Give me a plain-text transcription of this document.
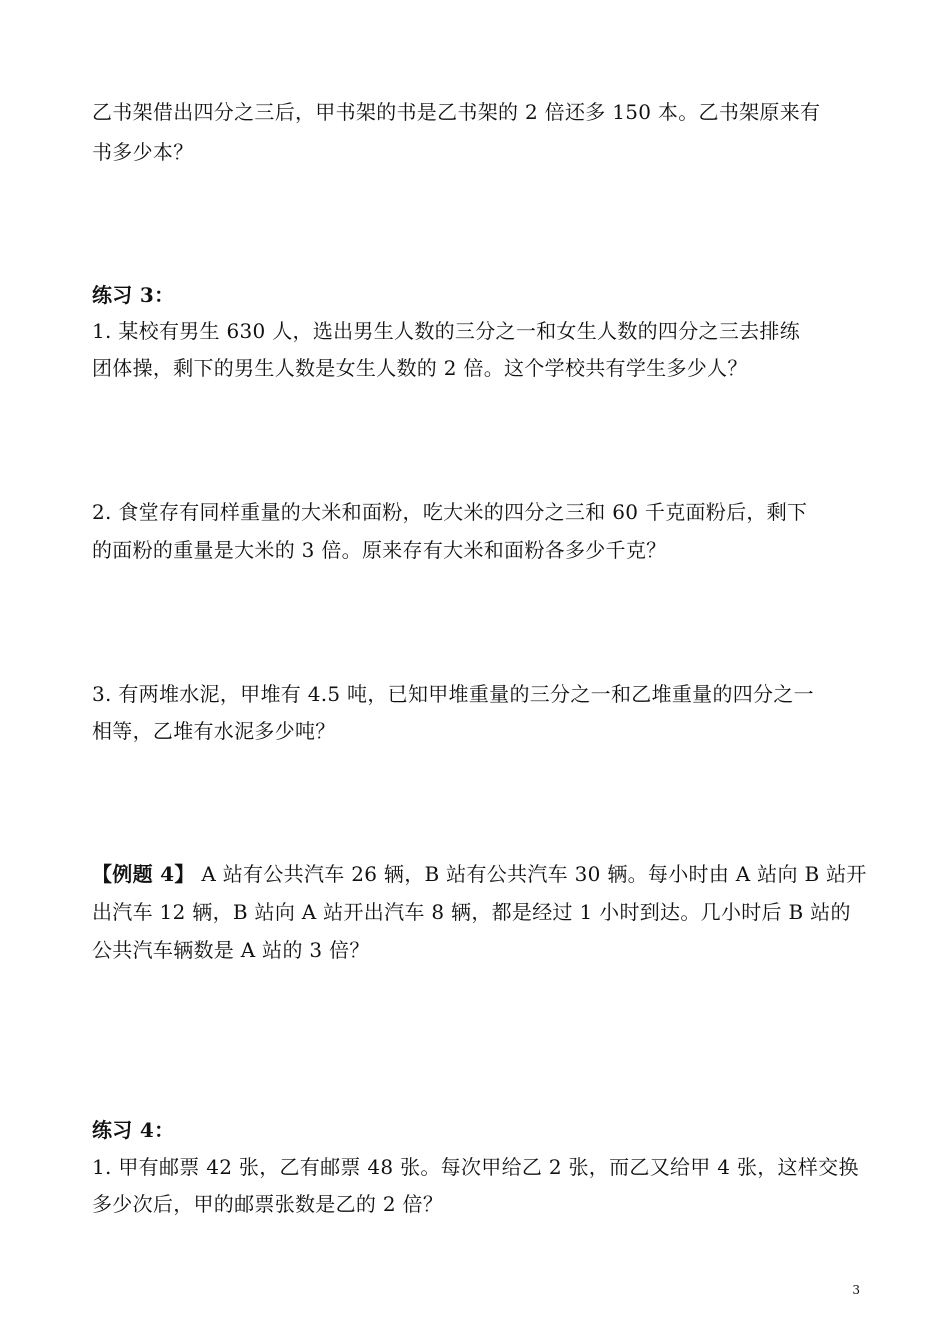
乙书架借出四分之三后，甲书架的书是乙书架的 2 倍还多 150 本。乙书架原来有
书多少本？
练习 3：
1. 某校有男生 630 人，选出男生人数的三分之一和女生人数的四分之三去排练
团体操，剩下的男生人数是女生人数的 2 倍。这个学校共有学生多少人？
2. 食堂存有同样重量的大米和面粉，吃大米的四分之三和 60 千克面粉后，剩下
的面粉的重量是大米的 3 倍。原来存有大米和面粉各多少千克？
3. 有两堆水泥，甲堆有 4.5 吨，已知甲堆重量的三分之一和乙堆重量的四分之一
相等，乙堆有水泥多少吨？
【例题 4】 A 站有公共汽车 26 辆，B 站有公共汽车 30 辆。每小时由 A 站向 B 站开
出汽车 12 辆，B 站向 A 站开出汽车 8 辆，都是经过 1 小时到达。几小时后 B 站的
公共汽车辆数是 A 站的 3 倍？
练习 4：
1. 甲有邮票 42 张，乙有邮票 48 张。每次甲给乙 2 张，而乙又给甲 4 张，这样交换
多少次后，甲的邮票张数是乙的 2 倍？
3
